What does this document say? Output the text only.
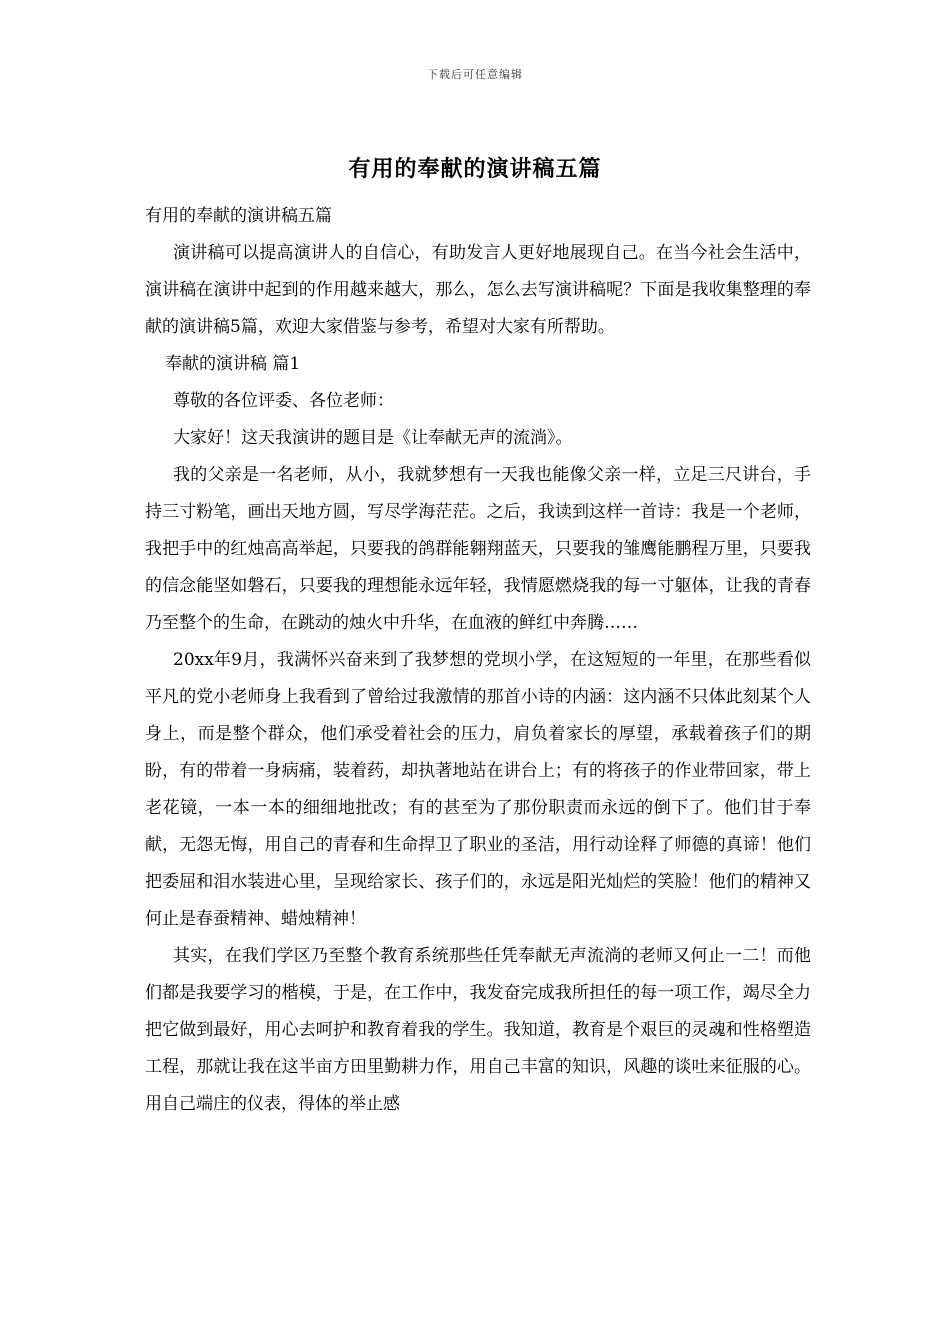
下载后可任意编辑
有用的奉献的演讲稿五篇

有用的奉献的演讲稿五篇

演讲稿可以提高演讲人的自信心，有助发言人更好地展现自己。在当今社会生活中，演讲稿在演讲中起到的作用越来越大，那么，怎么去写演讲稿呢？下面是我收集整理的奉献的演讲稿5篇，欢迎大家借鉴与参考，希望对大家有所帮助。

奉献的演讲稿 篇1

尊敬的各位评委、各位老师：

大家好！这天我演讲的题目是《让奉献无声的流淌》。

我的父亲是一名老师，从小，我就梦想有一天我也能像父亲一样，立足三尺讲台，手持三寸粉笔，画出天地方圆，写尽学海茫茫。之后，我读到这样一首诗：我是一个老师，我把手中的红烛高高举起，只要我的鸽群能翱翔蓝天，只要我的雏鹰能鹏程万里，只要我的信念能坚如磐石，只要我的理想能永远年轻，我情愿燃烧我的每一寸躯体，让我的青春乃至整个的生命，在跳动的烛火中升华，在血液的鲜红中奔腾……

20xx年9月，我满怀兴奋来到了我梦想的党坝小学，在这短短的一年里，在那些看似平凡的党小老师身上我看到了曾给过我激情的那首小诗的内涵：这内涵不只体此刻某个人身上，而是整个群众，他们承受着社会的压力，肩负着家长的厚望，承载着孩子们的期盼，有的带着一身病痛，装着药，却执著地站在讲台上；有的将孩子的作业带回家，带上老花镜，一本一本的细细地批改；有的甚至为了那份职责而永远的倒下了。他们甘于奉献，无怨无悔，用自己的青春和生命捍卫了职业的圣洁，用行动诠释了师德的真谛！他们把委屈和泪水装进心里，呈现给家长、孩子们的，永远是阳光灿烂的笑脸！他们的精神又何止是春蚕精神、蜡烛精神！

其实，在我们学区乃至整个教育系统那些任凭奉献无声流淌的老师又何止一二！而他们都是我要学习的楷模，于是，在工作中，我发奋完成我所担任的每一项工作，竭尽全力把它做到最好，用心去呵护和教育着我的学生。我知道，教育是个艰巨的灵魂和性格塑造工程，那就让我在这半亩方田里勤耕力作，用自己丰富的知识，风趣的谈吐来征服的心。用自己端庄的仪表，得体的举止感
